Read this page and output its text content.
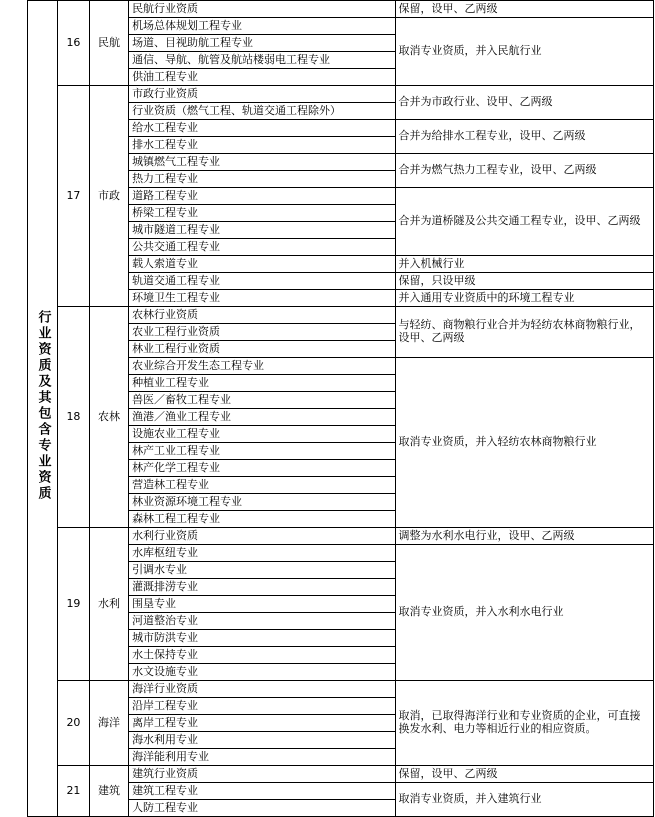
行业资质及其包含专业资质	16	民航	民航行业资质	保留，设甲、乙两级
			机场总体规划工程专业	取消专业资质，并入民航行业
			场道、目视助航工程专业	
			通信、导航、航管及航站楼弱电工程专业	
			供油工程专业	
	17	市政	市政行业资质	合并为市政行业、设甲、乙两级
			行业资质（燃气工程、轨道交通工程除外）	
			给水工程专业	合并为给排水工程专业，设甲、乙两级
			排水工程专业	
			城镇燃气工程专业	合并为燃气热力工程专业，设甲、乙两级
			热力工程专业	
			道路工程专业	合并为道桥隧及公共交通工程专业，设甲、乙两级
			桥梁工程专业	
			城市隧道工程专业	
			公共交通工程专业	
			载人索道专业	并入机械行业
			轨道交通工程专业	保留，只设甲级
			环境卫生工程专业	并入通用专业资质中的环境工程专业
	18	农林	农林行业资质	与轻纺、商物粮行业合并为轻纺农林商物粮行业，设甲、乙两级
			农业工程行业资质	
			林业工程行业资质	
			农业综合开发生态工程专业	取消专业资质，并入轻纺农林商物粮行业
			种植业工程专业	
			兽医／畜牧工程专业	
			渔港／渔业工程专业	
			设施农业工程专业	
			林产工业工程专业	
			林产化学工程专业	
			营造林工程专业	
			林业资源环境工程专业	
			森林工程工程专业	
	19	水利	水利行业资质	调整为水利水电行业，设甲、乙两级
			水库枢纽专业	取消专业资质，并入水利水电行业
			引调水专业	
			灌溉排涝专业	
			围垦专业	
			河道整治专业	
			城市防洪专业	
			水土保持专业	
			水文设施专业	
	20	海洋	海洋行业资质	取消，已取得海洋行业和专业资质的企业，可直接换发水利、电力等相近行业的相应资质。
			沿岸工程专业	
			离岸工程专业	
			海水利用专业	
			海洋能利用专业	
	21	建筑	建筑行业资质	保留，设甲、乙两级
			建筑工程专业	取消专业资质，并入建筑行业
			人防工程专业	
